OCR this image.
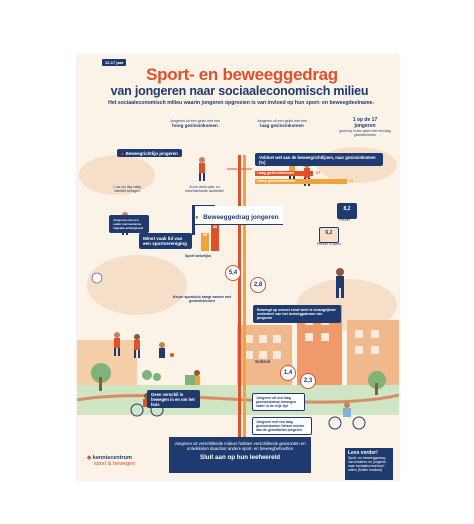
12-17 jaar
Sport- en beweeggedrag
van jongeren naar sociaaleconomisch milieu
Het sociaaleconomisch milieu waarin jongeren opgroeien is van invloed op hun sport- en beweegdeelname.
Jongeren uit een gezin met een
hoog gezinsinkomen
Jongeren uit een gezin met een
laag gezinsinkomen
1 op de 17
jongeren
groeit op in een gezin met een laag gezinsinkomen
● Beweegrichtlijn jongeren
1 uur per dag matig intensief bewegen
3x per week spier- en botversterkende activiteiten
Voldoet wel aan de beweegrichtlijnen, naar gezinsinkomen (%)
Laag gezinsinkomen	27
Hoog gezinsinkomen	43
● Beweeggedrag jongeren
Jongeren met een ouder met westerse migratie-achtergrond
Minst vaak lid van een sportvereniging
59
85
Sport wekelijks
6,2
Plezier in sport
8,2
Plezier
5,4
2,8
Keuze sportclub hangt samen met gezinsinkomen
Beweegt op school en/of werk is belangrijkste onderdeel van het beweegpatroon van jongeren
School
1,4
2,3
Jongeren uit een laag gezinsinkomen bewegen vaker in de vrije tijd
Geen verschil in bewegen in en om het huis
Jongeren met een laag gezinsinkomen fietsen minder dan de gemiddelde jongeren
Jongeren uit verschillende milieus hebben verschillende gewoonten en ontwikkelen daardoor andere sport- en beweegbehoeften
Sluit aan op hun leefwereld
Lees verder!
Sport- en beweeggedrag van kinderen en jongeren naar sociaaleconomisch milieu (Mulier Instituut)
◆ kenniscentrum
sport & bewegen
